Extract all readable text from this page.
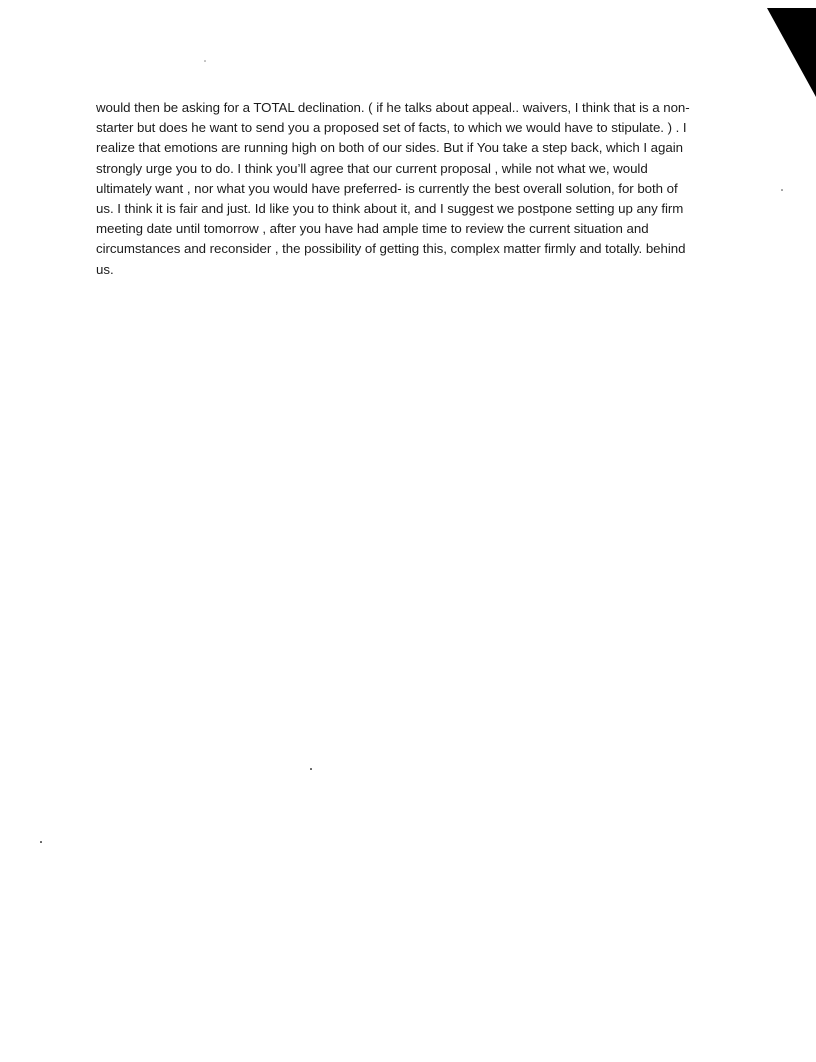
would then be asking for a TOTAL declination. ( if he talks about appeal.. waivers, I think that is a non-
starter but does he want to send you a proposed set of facts, to which we would have to stipulate. ) . I
realize that emotions are running high on both of our sides. But if You take a step back, which I again
strongly urge you to do. I think you’ll agree that our current proposal , while not what we, would
ultimately want , nor what you would have preferred- is currently the best overall solution, for both of
us. I think it is fair and just. Id like you to think about it, and I suggest we postpone setting up any firm
meeting date until tomorrow , after you have had ample time to review the current situation and
circumstances and reconsider , the possibility of getting this, complex matter firmly and totally. behind
us.
